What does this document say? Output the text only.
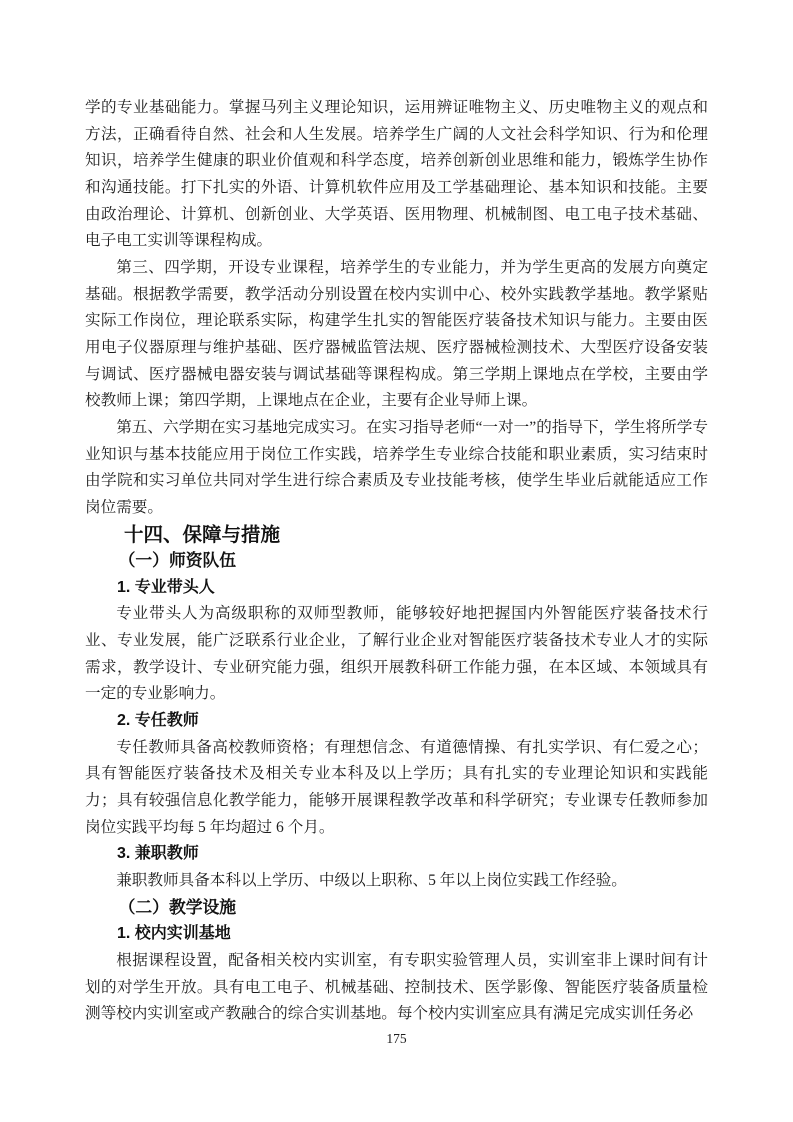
学的专业基础能力。掌握马列主义理论知识，运用辨证唯物主义、历史唯物主义的观点和方法，正确看待自然、社会和人生发展。培养学生广阔的人文社会科学知识、行为和伦理知识，培养学生健康的职业价值观和科学态度，培养创新创业思维和能力，锻炼学生协作和沟通技能。打下扎实的外语、计算机软件应用及工学基础理论、基本知识和技能。主要由政治理论、计算机、创新创业、大学英语、医用物理、机械制图、电工电子技术基础、电子电工实训等课程构成。

第三、四学期，开设专业课程，培养学生的专业能力，并为学生更高的发展方向奠定基础。根据教学需要，教学活动分别设置在校内实训中心、校外实践教学基地。教学紧贴实际工作岗位，理论联系实际，构建学生扎实的智能医疗装备技术知识与能力。主要由医用电子仪器原理与维护基础、医疗器械监管法规、医疗器械检测技术、大型医疗设备安装与调试、医疗器械电器安装与调试基础等课程构成。第三学期上课地点在学校，主要由学校教师上课；第四学期，上课地点在企业，主要有企业导师上课。

第五、六学期在实习基地完成实习。在实习指导老师“一对一”的指导下，学生将所学专业知识与基本技能应用于岗位工作实践，培养学生专业综合技能和职业素质，实习结束时由学院和实习单位共同对学生进行综合素质及专业技能考核，使学生毕业后就能适应工作岗位需要。

十四、保障与措施
（一）师资队伍
1. 专业带头人

专业带头人为高级职称的双师型教师，能够较好地把握国内外智能医疗装备技术行业、专业发展，能广泛联系行业企业，了解行业企业对智能医疗装备技术专业人才的实际需求，教学设计、专业研究能力强，组织开展教科研工作能力强，在本区域、本领域具有一定的专业影响力。

2. 专任教师

专任教师具备高校教师资格；有理想信念、有道德情操、有扎实学识、有仁爱之心；具有智能医疗装备技术及相关专业本科及以上学历；具有扎实的专业理论知识和实践能力；具有较强信息化教学能力，能够开展课程教学改革和科学研究；专业课专任教师参加岗位实践平均每 5 年均超过 6 个月。

3. 兼职教师

兼职教师具备本科以上学历、中级以上职称、5 年以上岗位实践工作经验。

（二）教学设施
1. 校内实训基地

根据课程设置，配备相关校内实训室，有专职实验管理人员，实训室非上课时间有计划的对学生开放。具有电工电子、机械基础、控制技术、医学影像、智能医疗装备质量检测等校内实训室或产教融合的综合实训基地。每个校内实训室应具有满足完成实训任务必

175
